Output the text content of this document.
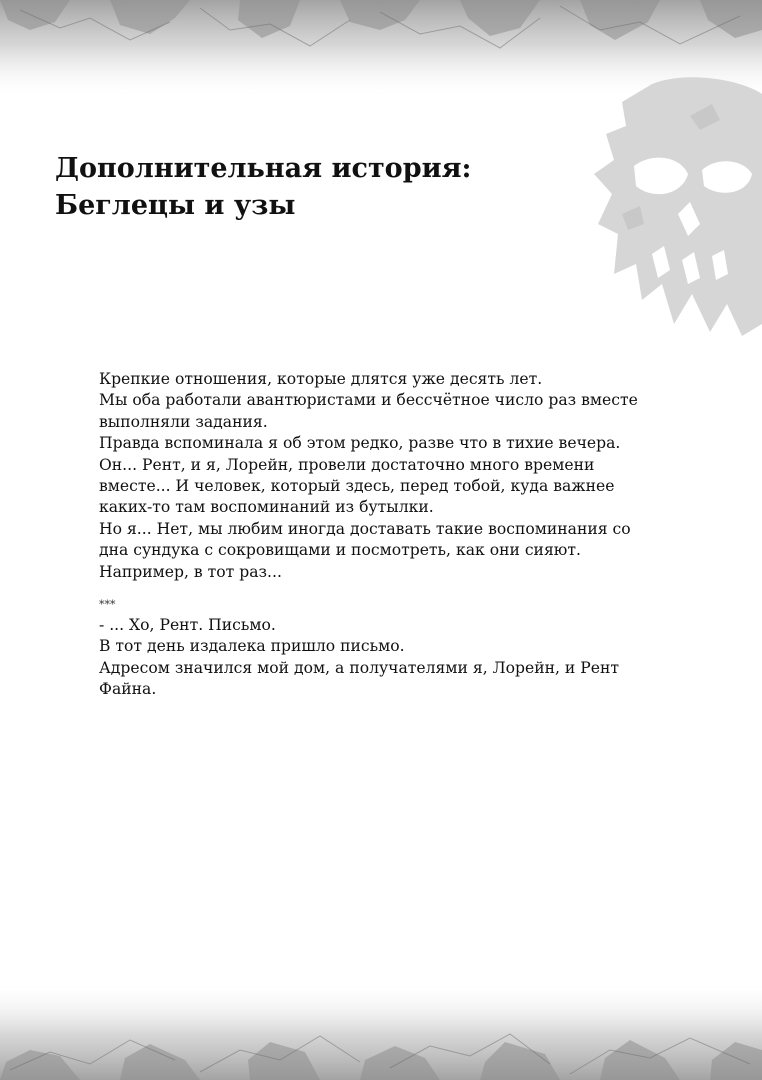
Дополнительная история:
Беглецы и узы
Крепкие отношения, которые длятся уже десять лет.
Мы оба работали авантюристами и бессчётное число раз вместе
выполняли задания.
Правда вспоминала я об этом редко, разве что в тихие вечера.
Он... Рент, и я, Лорейн, провели достаточно много времени
вместе... И человек, который здесь, перед тобой, куда важнее
каких-то там воспоминаний из бутылки.
Но я... Нет, мы любим иногда доставать такие воспоминания со
дна сундука с сокровищами и посмотреть, как они сияют.
Например, в тот раз...
***
- ... Хо, Рент. Письмо.
В тот день издалека пришло письмо.
Адресом значился мой дом, а получателями я, Лорейн, и Рент
Файна.
